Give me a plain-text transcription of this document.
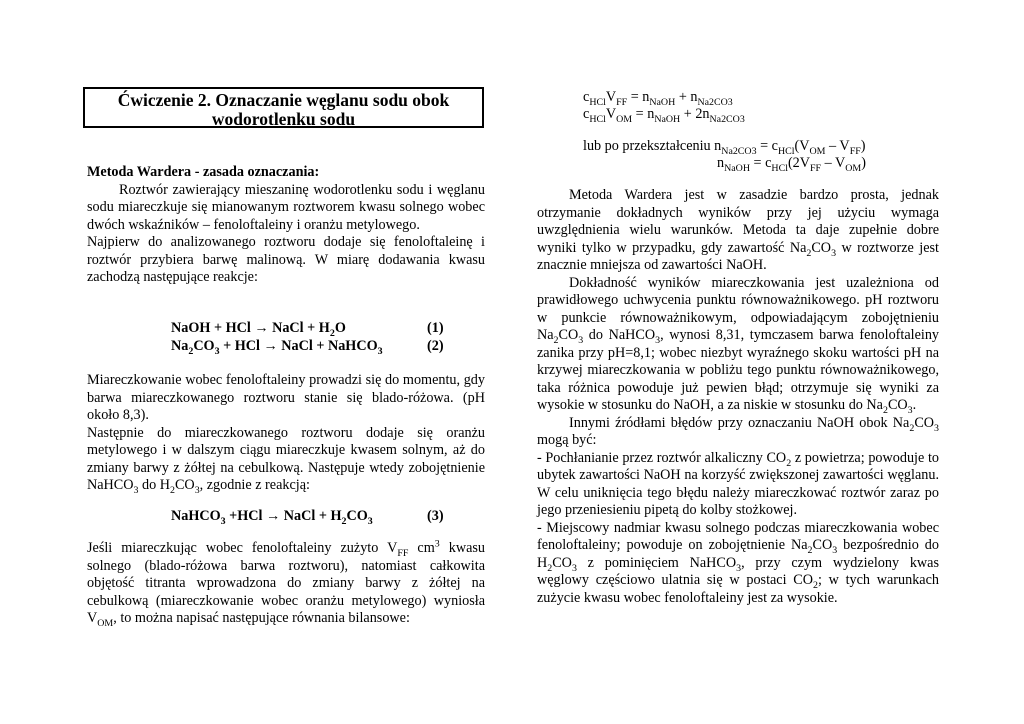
Ćwiczenie 2. Oznaczanie węglanu sodu obok
wodorotlenku sodu

Metoda Wardera - zasada oznaczania:

Roztwór zawierający mieszaninę wodorotlenku sodu i węglanu sodu miareczkuje się mianowanym roztworem kwasu solnego wobec dwóch wskaźników – fenoloftaleiny i oranżu metylowego.

Najpierw do analizowanego roztworu dodaje się fenoloftaleinę i roztwór przybiera barwę malinową. W miarę dodawania kwasu zachodzą następujące reakcje:

NaOH + HCl → NaCl + $H_2O$	(1)
$Na_2CO_3$ + HCl → NaCl + NaHCO$_3$	(2)

Miareczkowanie wobec fenoloftaleiny prowadzi się do momentu, gdy barwa miareczkowanego roztworu stanie się blado-różowa. (pH około 8,3).

Następnie do miareczkowanego roztworu dodaje się oranżu metylowego i w dalszym ciągu miareczkuje kwasem solnym, aż do zmiany barwy z żółtej na cebulkową. Następuje wtedy zobojętnienie NaHCO$_3$ do $H_2CO_3$, zgodnie z reakcją:

NaHCO$_3$ +HCl → NaCl + $H_2CO_3$	(3)

Jeśli miareczkując wobec fenoloftaleiny zużyto $V_{FF}$ $cm^3$ kwasu solnego (blado-różowa barwa roztworu), natomiast całkowita objętość titranta wprowadzona do zmiany barwy z żółtej na cebulkową (miareczkowanie wobec oranżu metylowego) wyniosła $V_{OM}$, to można napisać następujące równania bilansowe:

$c_{HCl}V_{FF} = n_{NaOH} + n_{Na2CO3}$
$c_{HCl}V_{OM} = n_{NaOH} + 2n_{Na2CO3}$
lub po przekształceniu $n_{Na2CO3} = c_{HCl}(V_{OM} - V_{FF})$
$n_{NaOH} = c_{HCl}(2V_{FF} - V_{OM})$

Metoda Wardera jest w zasadzie bardzo prosta, jednak otrzymanie dokładnych wyników przy jej użyciu wymaga uwzględnienia wielu warunków. Metoda ta daje zupełnie dobre wyniki tylko w przypadku, gdy zawartość $Na_2CO_3$ w roztworze jest znacznie mniejsza od zawartości NaOH.

Dokładność wyników miareczkowania jest uzależniona od prawidłowego uchwycenia punktu równoważnikowego. pH roztworu w punkcie równoważnikowym, odpowiadającym zobojętnieniu $Na_2CO_3$ do NaHCO$_3$, wynosi 8,31, tymczasem barwa fenoloftaleiny zanika przy pH=8,1; wobec niezbyt wyraźnego skoku wartości pH na krzywej miareczkowania w pobliżu tego punktu równoważnikowego, taka różnica powoduje już pewien błąd; otrzymuje się wyniki za wysokie w stosunku do NaOH, a za niskie w stosunku do $Na_2CO_3$.

Innymi źródłami błędów przy oznaczaniu NaOH obok $Na_2CO_3$ mogą być:

- Pochłanianie przez roztwór alkaliczny $CO_2$ z powietrza; powoduje to ubytek zawartości NaOH na korzyść zwiększonej zawartości węglanu. W celu uniknięcia tego błędu należy miareczkować roztwór zaraz po jego przeniesieniu pipetą do kolby stożkowej.

- Miejscowy nadmiar kwasu solnego podczas miareczkowania wobec fenoloftaleiny; powoduje on zobojętnienie $Na_2CO_3$ bezpośrednio do $H_2CO_3$ z pominięciem NaHCO$_3$, przy czym wydzielony kwas węglowy częściowo ulatnia się w postaci $CO_2$; w tych warunkach zużycie kwasu wobec fenoloftaleiny jest za wysokie.
